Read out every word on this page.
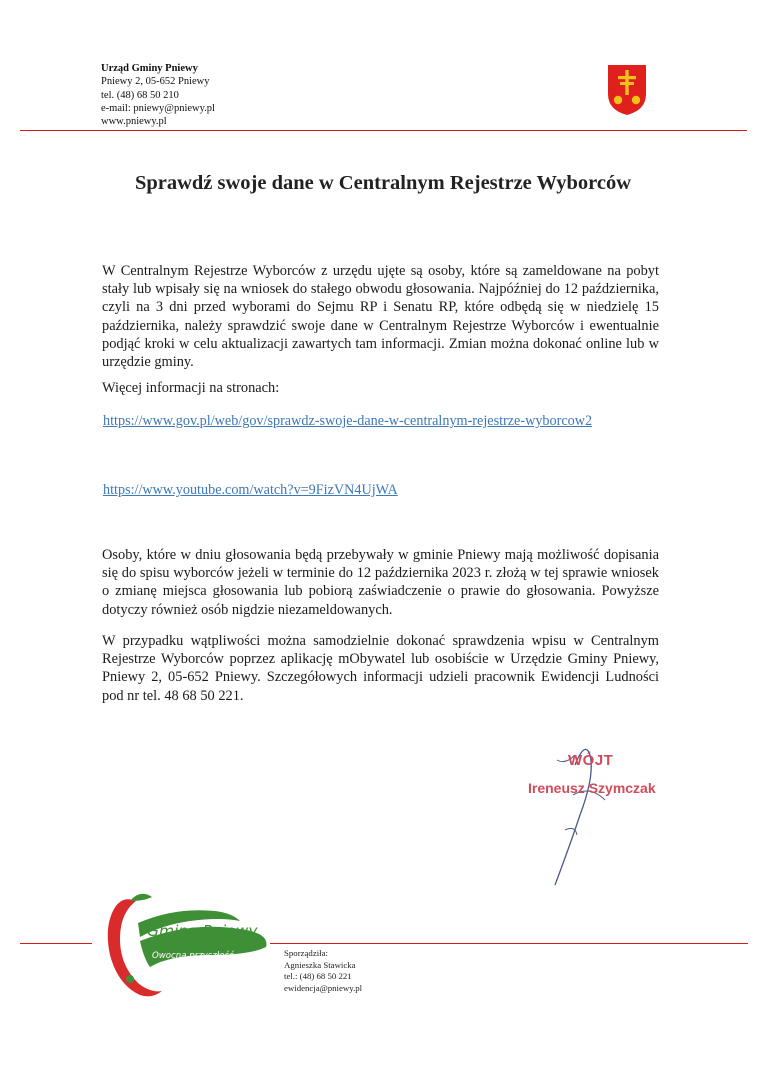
Urząd Gminy Pniewy
Pniewy 2, 05-652 Pniewy
tel. (48) 68 50 210
e-mail: pniewy@pniewy.pl
www.pniewy.pl
Sprawdź swoje dane w Centralnym Rejestrze Wyborców

W Centralnym Rejestrze Wyborców z urzędu ujęte są osoby, które są zameldowane na pobyt stały lub wpisały się na wniosek do stałego obwodu głosowania. Najpóźniej do 12 października, czyli na 3 dni przed wyborami do Sejmu RP i Senatu RP, które odbędą się w niedzielę 15 października, należy sprawdzić swoje dane w Centralnym Rejestrze Wyborców i ewentualnie podjąć kroki w celu aktualizacji zawartych tam informacji. Zmian można dokonać online lub w urzędzie gminy.

Więcej informacji na stronach:

https://www.gov.pl/web/gov/sprawdz-swoje-dane-w-centralnym-rejestrze-wyborcow2
https://www.youtube.com/watch?v=9FizVN4UjWA

Osoby, które w dniu głosowania będą przebywały w gminie Pniewy mają możliwość dopisania się do spisu wyborców jeżeli w terminie do 12 października 2023 r. złożą w tej sprawie wniosek o zmianę miejsca głosowania lub pobiorą zaświadczenie o prawie do głosowania. Powyższe dotyczy również osób nigdzie niezameldowanych.

W przypadku wątpliwości można samodzielnie dokonać sprawdzenia wpisu w Centralnym Rejestrze Wyborców poprzez aplikację mObywatel lub osobiście w Urzędzie Gminy Pniewy, Pniewy 2, 05-652 Pniewy. Szczegółowych informacji udzieli pracownik Ewidencji Ludności pod nr tel. 48 68 50 221.

WÓJT
Ireneusz Szymczak
Gmina Pniewy
Owocna przyszłość	Sporządziła:
Agnieszka Stawicka
tel.: (48) 68 50 221
ewidencja@pniewy.pl
